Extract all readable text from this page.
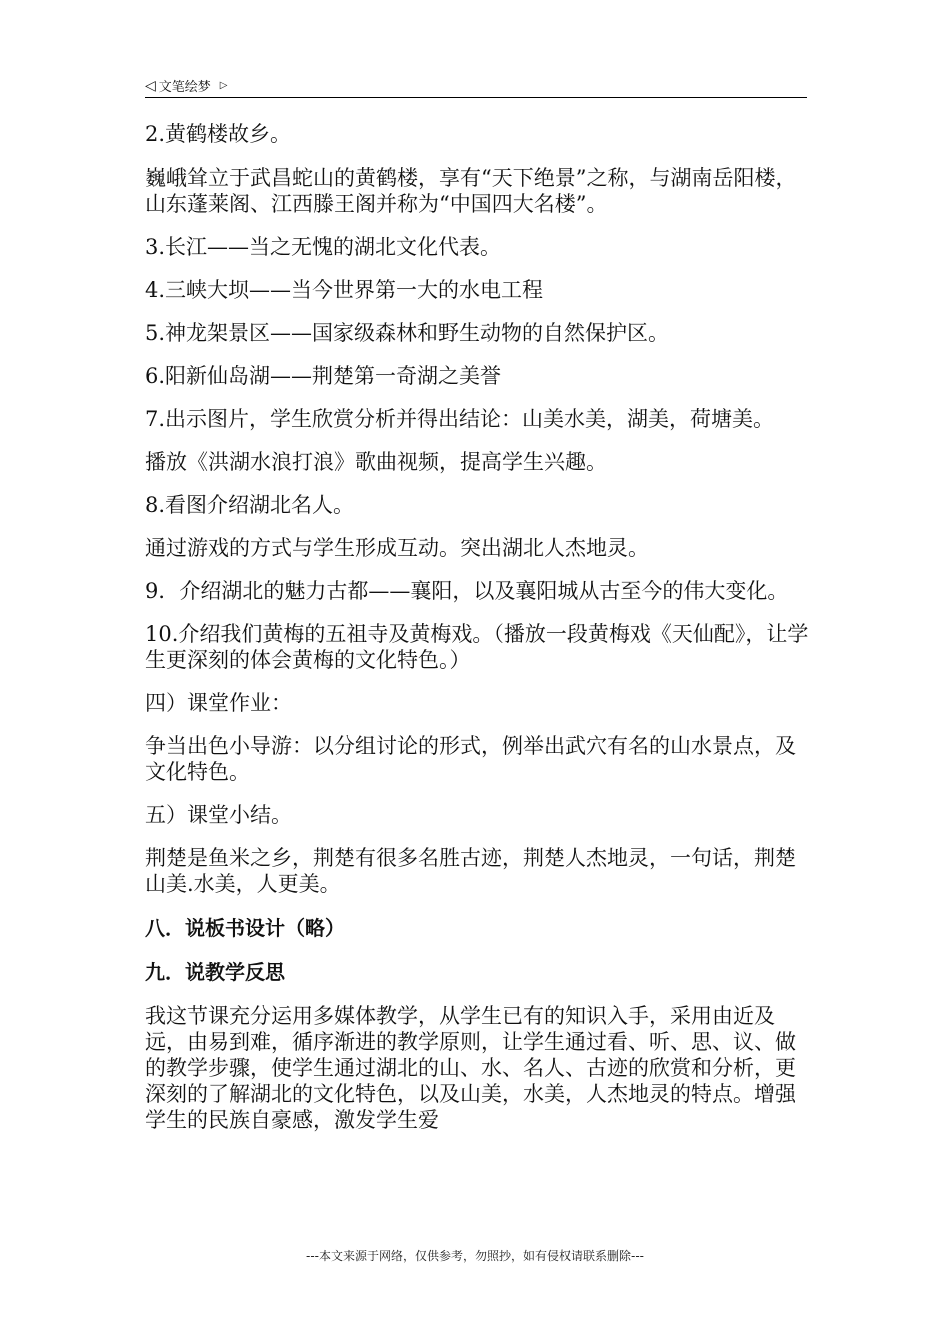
◁ 文笔绘梦 ▷

2.黄鹤楼故乡。

巍峨耸立于武昌蛇山的黄鹤楼，享有“天下绝景”之称，与湖南岳阳楼，山东蓬莱阁、江西滕王阁并称为“中国四大名楼”。

3.长江——当之无愧的湖北文化代表。

4.三峡大坝——当今世界第一大的水电工程

5.神龙架景区——国家级森林和野生动物的自然保护区。

6.阳新仙岛湖——荆楚第一奇湖之美誉

7.出示图片，学生欣赏分析并得出结论：山美水美，湖美，荷塘美。

播放《洪湖水浪打浪》歌曲视频，提高学生兴趣。

8.看图介绍湖北名人。

通过游戏的方式与学生形成互动。突出湖北人杰地灵。

9．介绍湖北的魅力古都——襄阳，以及襄阳城从古至今的伟大变化。

10.介绍我们黄梅的五祖寺及黄梅戏。（播放一段黄梅戏《天仙配》，让学生更深刻的体会黄梅的文化特色。）

四）课堂作业：

争当出色小导游：以分组讨论的形式，例举出武穴有名的山水景点，及文化特色。

五）课堂小结。

荆楚是鱼米之乡，荆楚有很多名胜古迹，荆楚人杰地灵，一句话，荆楚山美.水美，人更美。

八．说板书设计（略）

九．说教学反思

我这节课充分运用多媒体教学，从学生已有的知识入手，采用由近及远，由易到难，循序渐进的教学原则，让学生通过看、听、思、议、做的教学步骤，使学生通过湖北的山、水、名人、古迹的欣赏和分析，更深刻的了解湖北的文化特色，以及山美，水美，人杰地灵的特点。增强学生的民族自豪感，激发学生爱

---本文来源于网络，仅供参考，勿照抄，如有侵权请联系删除---
